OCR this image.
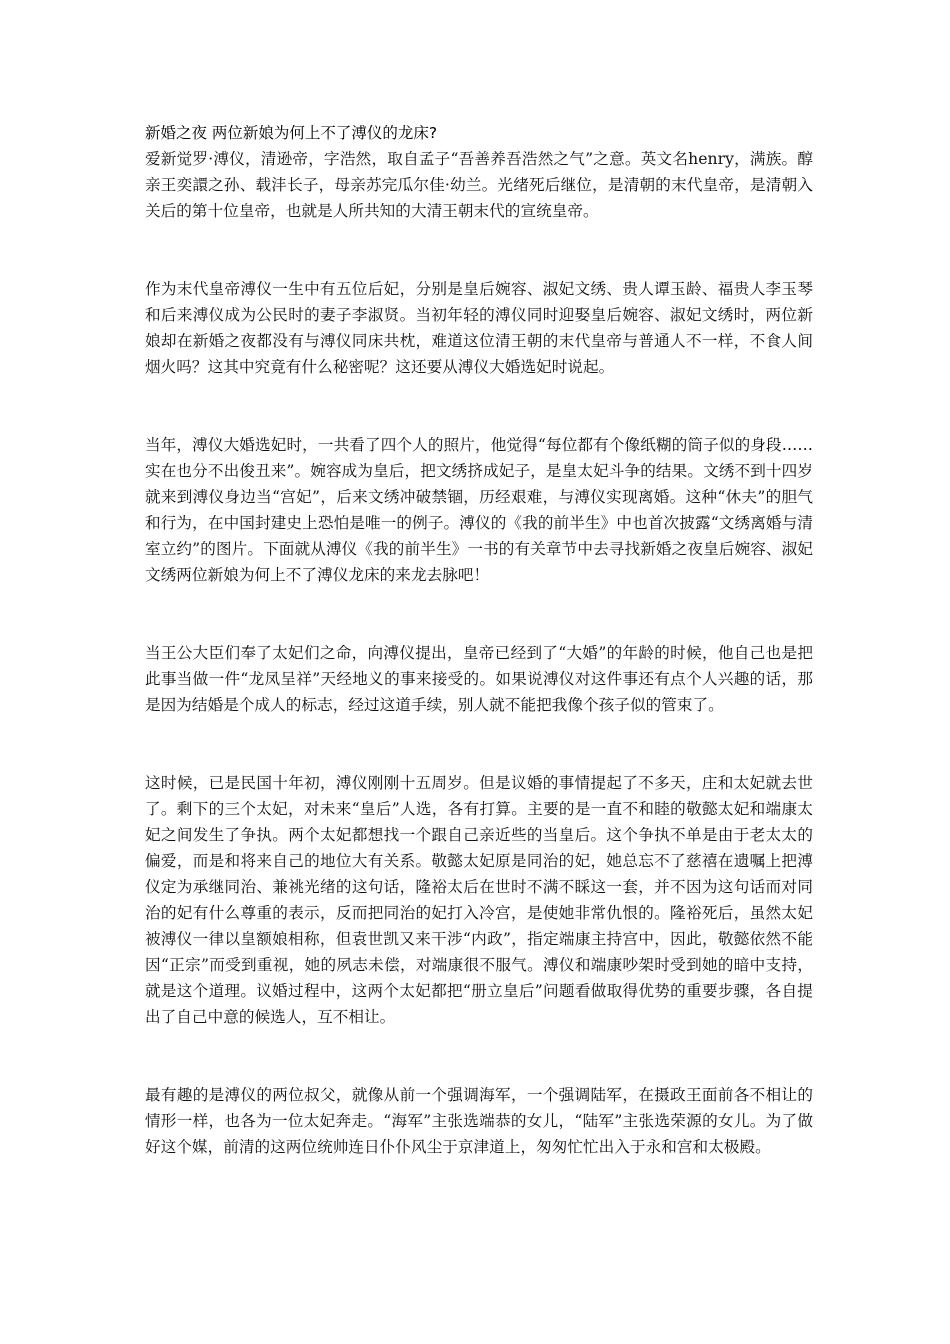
新婚之夜 两位新娘为何上不了溥仪的龙床?

爱新觉罗·溥仪，清逊帝，字浩然，取自孟子“吾善养吾浩然之气”之意。英文名henry，满族。醇亲王奕譞之孙、载沣长子，母亲苏完瓜尔佳·幼兰。光绪死后继位，是清朝的末代皇帝，是清朝入关后的第十位皇帝，也就是人所共知的大清王朝末代的宣统皇帝。

作为末代皇帝溥仪一生中有五位后妃，分别是皇后婉容、淑妃文绣、贵人谭玉龄、福贵人李玉琴和后来溥仪成为公民时的妻子李淑贤。当初年轻的溥仪同时迎娶皇后婉容、淑妃文绣时，两位新娘却在新婚之夜都没有与溥仪同床共枕，难道这位清王朝的末代皇帝与普通人不一样，不食人间烟火吗？这其中究竟有什么秘密呢？这还要从溥仪大婚选妃时说起。

当年，溥仪大婚选妃时，一共看了四个人的照片，他觉得“每位都有个像纸糊的筒子似的身段……实在也分不出俊丑来”。婉容成为皇后，把文绣挤成妃子，是皇太妃斗争的结果。文绣不到十四岁就来到溥仪身边当“宫妃”，后来文绣冲破禁锢，历经艰难，与溥仪实现离婚。这种“休夫”的胆气和行为，在中国封建史上恐怕是唯一的例子。溥仪的《我的前半生》中也首次披露“文绣离婚与清室立约”的图片。下面就从溥仪《我的前半生》一书的有关章节中去寻找新婚之夜皇后婉容、淑妃文绣两位新娘为何上不了溥仪龙床的来龙去脉吧！

当王公大臣们奉了太妃们之命，向溥仪提出，皇帝已经到了“大婚”的年龄的时候，他自己也是把此事当做一件“龙凤呈祥”天经地义的事来接受的。如果说溥仪对这件事还有点个人兴趣的话，那是因为结婚是个成人的标志，经过这道手续，别人就不能把我像个孩子似的管束了。

这时候，已是民国十年初，溥仪刚刚十五周岁。但是议婚的事情提起了不多天，庄和太妃就去世了。剩下的三个太妃，对未来“皇后”人选，各有打算。主要的是一直不和睦的敬懿太妃和端康太妃之间发生了争执。两个太妃都想找一个跟自己亲近些的当皇后。这个争执不单是由于老太太的偏爱，而是和将来自己的地位大有关系。敬懿太妃原是同治的妃，她总忘不了慈禧在遗嘱上把溥仪定为承继同治、兼祧光绪的这句话，隆裕太后在世时不满不睬这一套，并不因为这句话而对同治的妃有什么尊重的表示，反而把同治的妃打入冷宫，是使她非常仇恨的。隆裕死后，虽然太妃被溥仪一律以皇额娘相称，但袁世凯又来干涉“内政”，指定端康主持宫中，因此，敬懿依然不能因“正宗”而受到重视，她的夙志未偿，对端康很不服气。溥仪和端康吵架时受到她的暗中支持，就是这个道理。议婚过程中，这两个太妃都把“册立皇后”问题看做取得优势的重要步骤，各自提出了自己中意的候选人，互不相让。

最有趣的是溥仪的两位叔父，就像从前一个强调海军，一个强调陆军，在摄政王面前各不相让的情形一样，也各为一位太妃奔走。“海军”主张选端恭的女儿，“陆军”主张选荣源的女儿。为了做好这个媒，前清的这两位统帅连日仆仆风尘于京津道上，匆匆忙忙出入于永和宫和太极殿。
